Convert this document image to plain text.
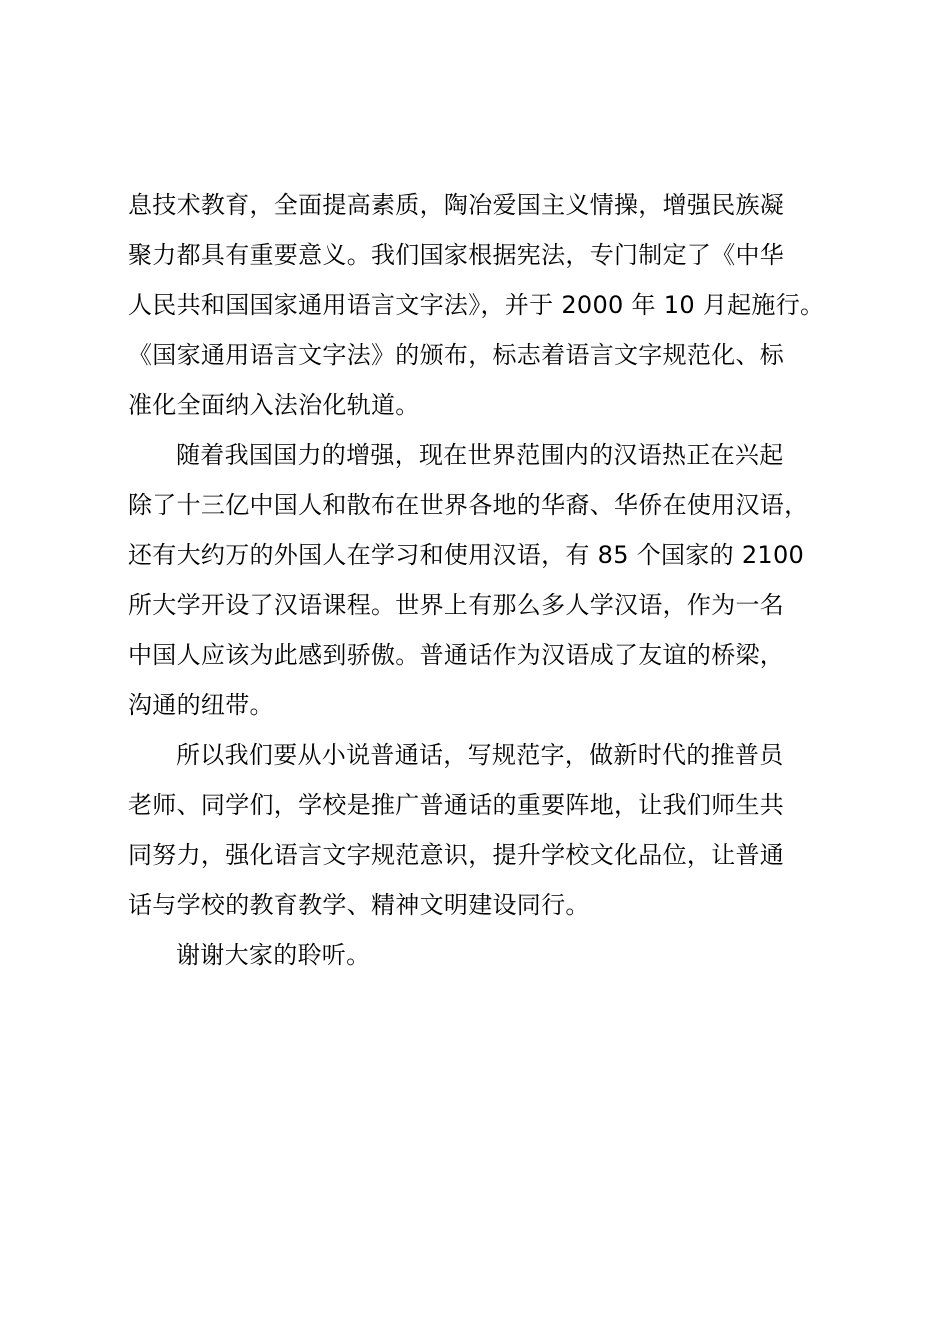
息技术教育，全面提高素质，陶冶爱国主义情操，增强民族凝
聚力都具有重要意义。我们国家根据宪法，专门制定了《中华
人民共和国国家通用语言文字法》，并于 2000 年 10 月起施行。
《国家通用语言文字法》的颁布，标志着语言文字规范化、标
准化全面纳入法治化轨道。
随着我国国力的增强，现在世界范围内的汉语热正在兴起
除了十三亿中国人和散布在世界各地的华裔、华侨在使用汉语，
还有大约万的外国人在学习和使用汉语，有 85 个国家的 2100
所大学开设了汉语课程。世界上有那么多人学汉语，作为一名
中国人应该为此感到骄傲。普通话作为汉语成了友谊的桥梁，
沟通的纽带。
所以我们要从小说普通话，写规范字，做新时代的推普员
老师、同学们，学校是推广普通话的重要阵地，让我们师生共
同努力，强化语言文字规范意识，提升学校文化品位，让普通
话与学校的教育教学、精神文明建设同行。
谢谢大家的聆听。
